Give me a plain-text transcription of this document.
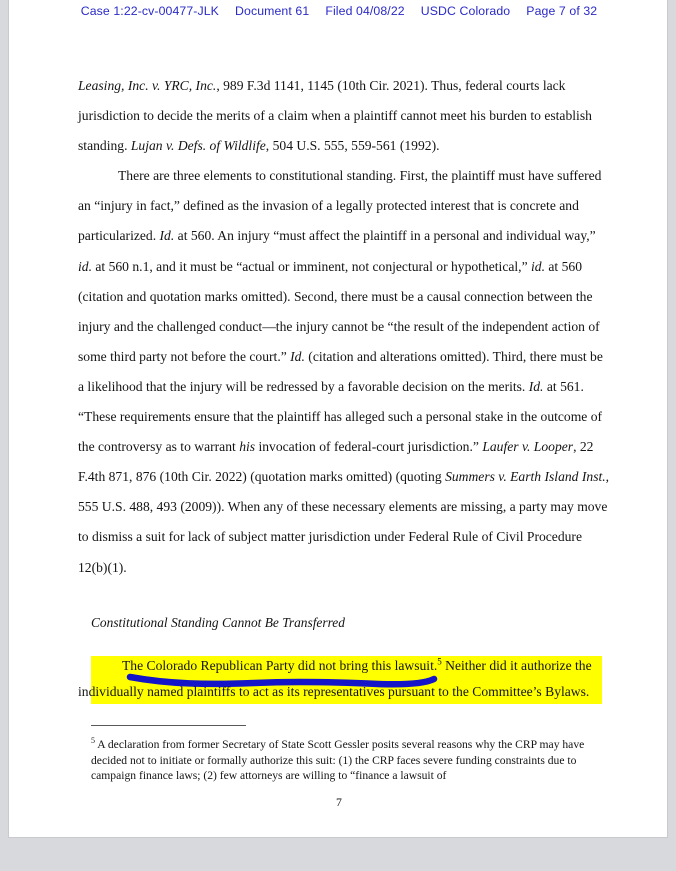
Case 1:22-cv-00477-JLK Document 61 Filed 04/08/22 USDC Colorado Page 7 of 32

Leasing, Inc. v. YRC, Inc., 989 F.3d 1141, 1145 (10th Cir. 2021). Thus, federal courts lack jurisdiction to decide the merits of a claim when a plaintiff cannot meet his burden to establish standing. Lujan v. Defs. of Wildlife, 504 U.S. 555, 559-561 (1992).

There are three elements to constitutional standing. First, the plaintiff must have suffered an “injury in fact,” defined as the invasion of a legally protected interest that is concrete and particularized. Id. at 560. An injury “must affect the plaintiff in a personal and individual way,” id. at 560 n.1, and it must be “actual or imminent, not conjectural or hypothetical,” id. at 560 (citation and quotation marks omitted). Second, there must be a causal connection between the injury and the challenged conduct—the injury cannot be “the result of the independent action of some third party not before the court.” Id. (citation and alterations omitted). Third, there must be a likelihood that the injury will be redressed by a favorable decision on the merits. Id. at 561. “These requirements ensure that the plaintiff has alleged such a personal stake in the outcome of the controversy as to warrant his invocation of federal-court jurisdiction.” Laufer v. Looper, 22 F.4th 871, 876 (10th Cir. 2022) (quotation marks omitted) (quoting Summers v. Earth Island Inst., 555 U.S. 488, 493 (2009)). When any of these necessary elements are missing, a party may move to dismiss a suit for lack of subject matter jurisdiction under Federal Rule of Civil Procedure 12(b)(1).

Constitutional Standing Cannot Be Transferred
The Colorado Republican Party did not bring this lawsuit.$^5$ Neither did it authorize the
individually named plaintiffs to act as its representatives pursuant to the Committee’s Bylaws.

$^5$ A declaration from former Secretary of State Scott Gessler posits several reasons why the CRP may have decided not to initiate or formally authorize this suit: (1) the CRP faces severe funding constraints due to campaign finance laws; (2) few attorneys are willing to “finance a lawsuit of

7
